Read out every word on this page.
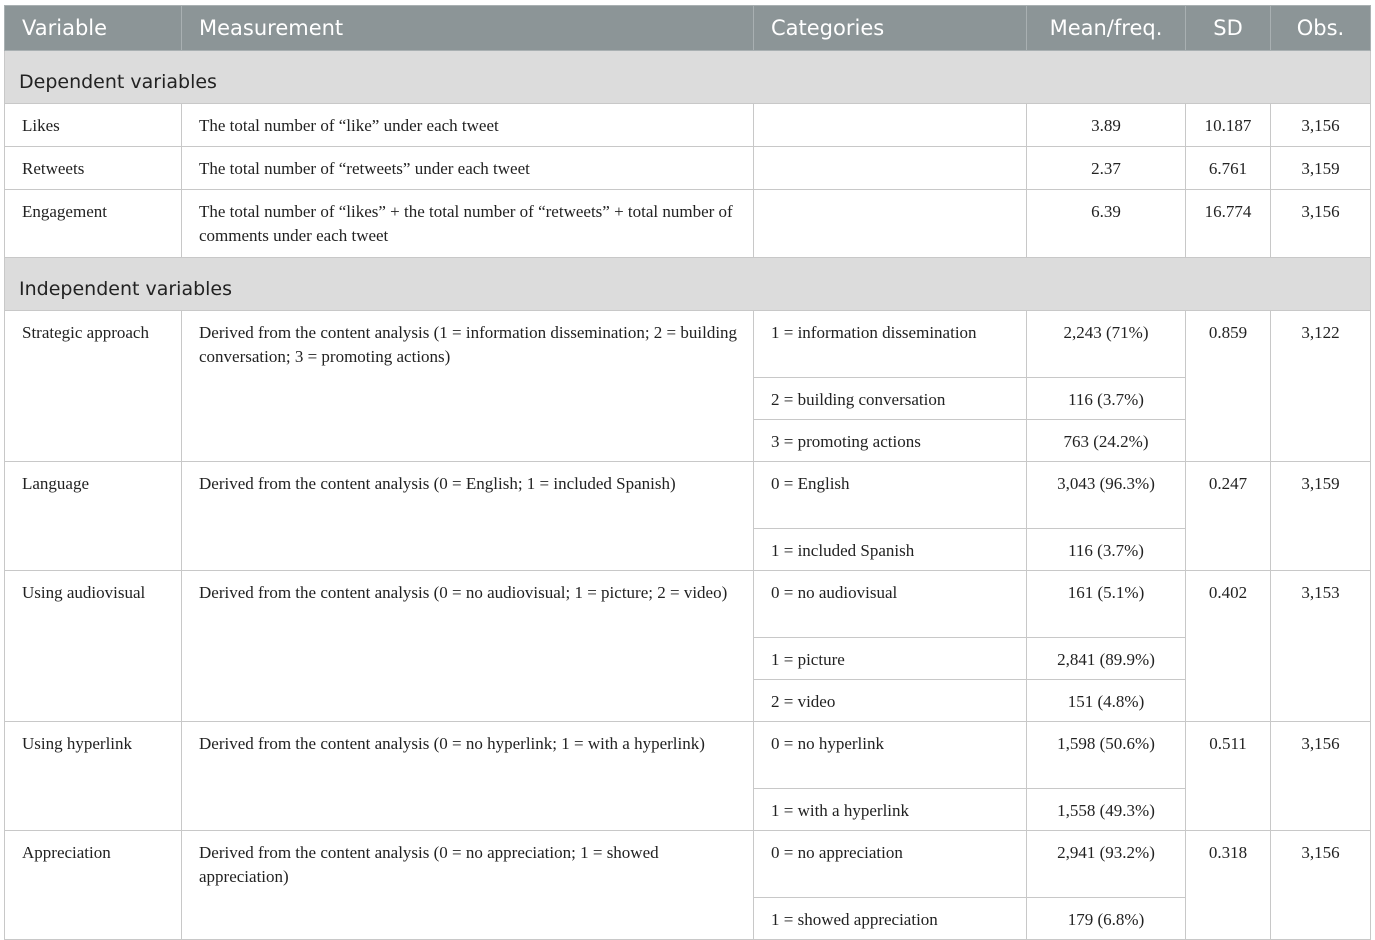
Variable	Measurement	Categories	Mean/freq.	SD	Obs.
Dependent variables					
Likes	The total number of “like” under each tweet		3.89	10.187	3,156
Retweets	The total number of “retweets” under each tweet		2.37	6.761	3,159
Engagement	The total number of “likes” + the total number of “retweets” + total number of comments under each tweet		6.39	16.774	3,156
Independent variables					
Strategic approach	Derived from the content analysis (1 = information dissemination; 2 = building conversation; 3 = promoting actions)	1 = information dissemination	2,243 (71%)	0.859	3,122
		2 = building conversation	116 (3.7%)		
		3 = promoting actions	763 (24.2%)		
Language	Derived from the content analysis (0 = English; 1 = included Spanish)	0 = English	3,043 (96.3%)	0.247	3,159
		1 = included Spanish	116 (3.7%)		
Using audiovisual	Derived from the content analysis (0 = no audiovisual; 1 = picture; 2 = video)	0 = no audiovisual	161 (5.1%)	0.402	3,153
		1 = picture	2,841 (89.9%)		
		2 = video	151 (4.8%)		
Using hyperlink	Derived from the content analysis (0 = no hyperlink; 1 = with a hyperlink)	0 = no hyperlink	1,598 (50.6%)	0.511	3,156
		1 = with a hyperlink	1,558 (49.3%)		
Appreciation	Derived from the content analysis (0 = no appreciation; 1 = showed appreciation)	0 = no appreciation	2,941 (93.2%)	0.318	3,156
		1 = showed appreciation	179 (6.8%)		
